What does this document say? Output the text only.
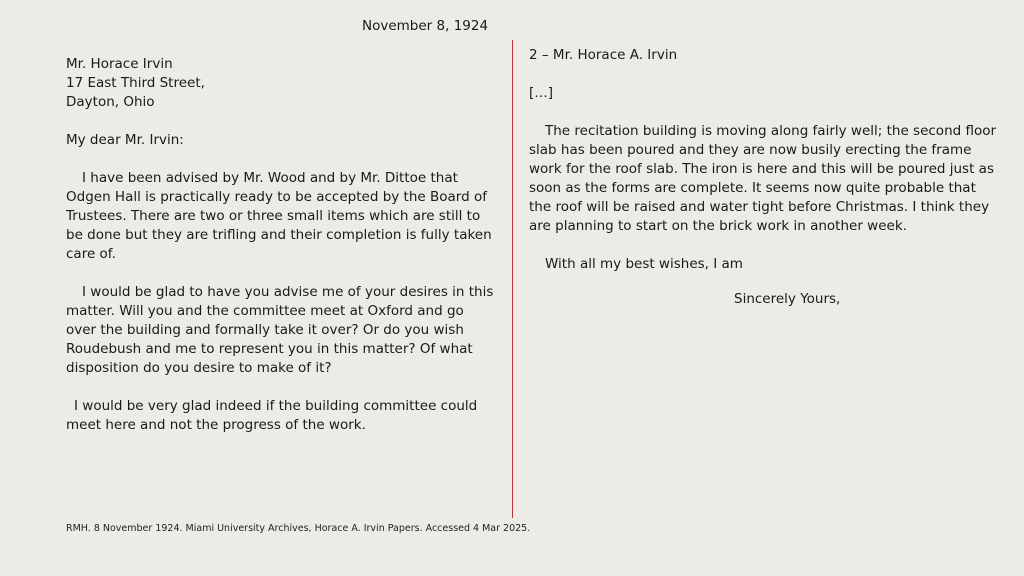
November 8, 1924
Mr. Horace Irvin
17 East Third Street,
Dayton, Ohio
My dear Mr. Irvin:
I have been advised by Mr. Wood and by Mr. Dittoe that
Odgen Hall is practically ready to be accepted by the Board of
Trustees. There are two or three small items which are still to
be done but they are trifling and their completion is fully taken
care of.
I would be glad to have you advise me of your desires in this
matter. Will you and the committee meet at Oxford and go
over the building and formally take it over? Or do you wish
Roudebush and me to represent you in this matter? Of what
disposition do you desire to make of it?
I would be very glad indeed if the building committee could
meet here and not the progress of the work.
2 – Mr. Horace A. Irvin
[…]
The recitation building is moving along fairly well; the second floor
slab has been poured and they are now busily erecting the frame
work for the roof slab. The iron is here and this will be poured just as
soon as the forms are complete. It seems now quite probable that
the roof will be raised and water tight before Christmas. I think they
are planning to start on the brick work in another week.
With all my best wishes, I am
Sincerely Yours,
RMH. 8 November 1924. Miami University Archives, Horace A. Irvin Papers. Accessed 4 Mar 2025.
